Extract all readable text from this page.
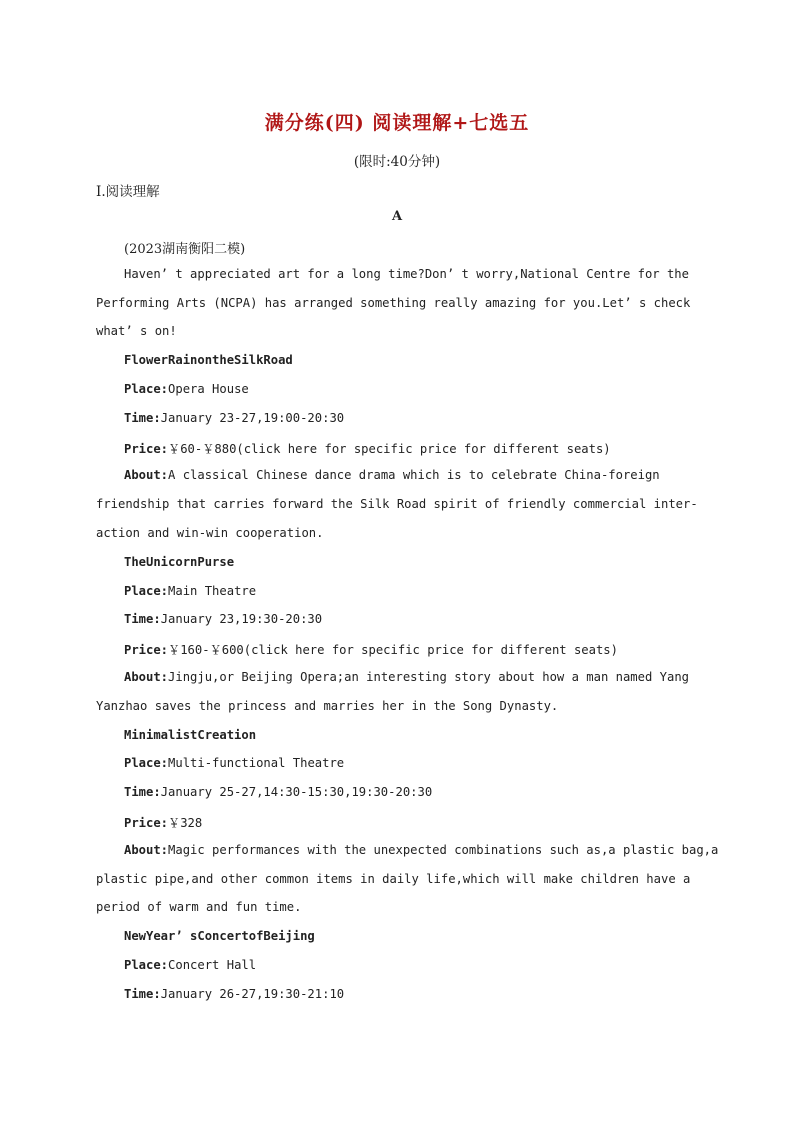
满分练(四) 阅读理解+七选五
(限时:40分钟)
Ⅰ.阅读理解
A
(2023湖南衡阳二模)
Haven’ t appreciated art for a long time?Don’ t worry,National Centre for the
Performing Arts (NCPA) has arranged something really amazing for you.Let’ s check
what’ s on!
FlowerRainontheSilkRoad
Place:Opera House
Time:January 23-27,19:00-20:30
Price:￥60-￥880(click here for specific price for different seats)
About:A classical Chinese dance drama which is to celebrate China-foreign
friendship that carries forward the Silk Road spirit of friendly commercial inter-
action and win-win cooperation.
TheUnicornPurse
Place:Main Theatre
Time:January 23,19:30-20:30
Price:￥160-￥600(click here for specific price for different seats)
About:Jingju,or Beijing Opera;an interesting story about how a man named Yang
Yanzhao saves the princess and marries her in the Song Dynasty.
MinimalistCreation
Place:Multi-functional Theatre
Time:January 25-27,14:30-15:30,19:30-20:30
Price:￥328
About:Magic performances with the unexpected combinations such as,a plastic bag,a
plastic pipe,and other common items in daily life,which will make children have a
period of warm and fun time.
NewYear’ sConcertofBeijing
Place:Concert Hall
Time:January 26-27,19:30-21:10
